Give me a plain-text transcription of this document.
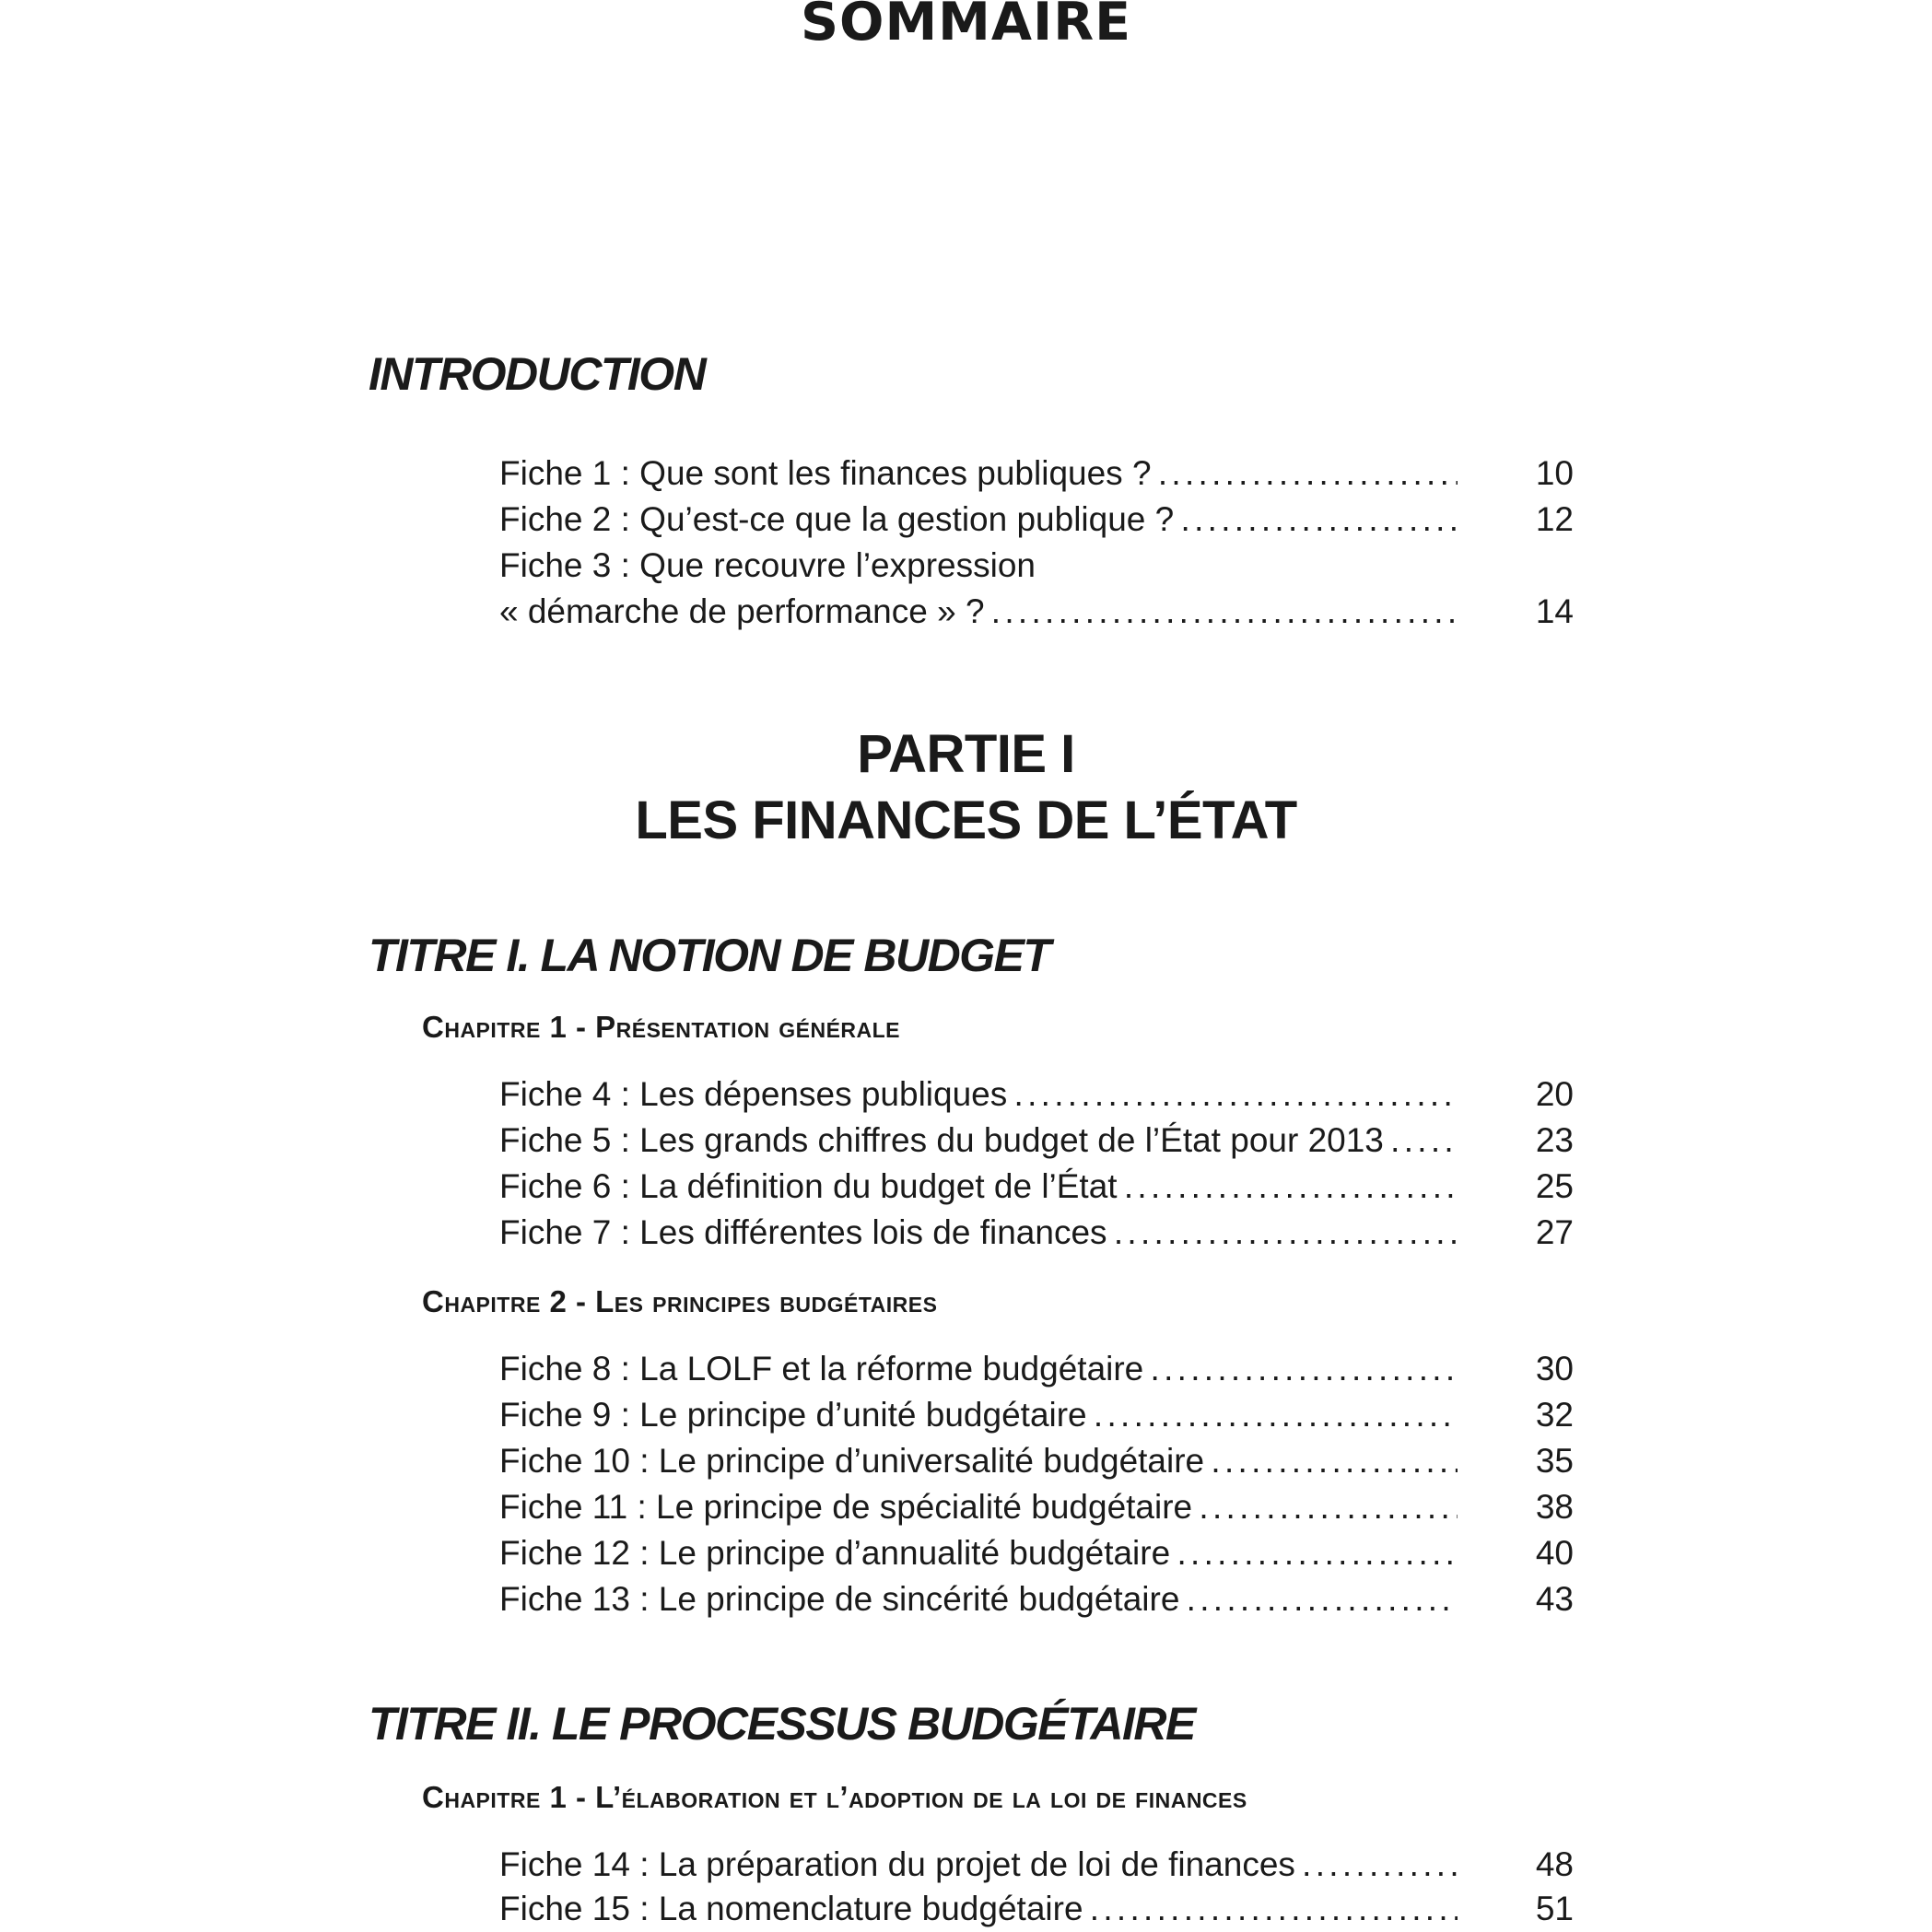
SOMMAIRE
INTRODUCTION
Fiche 1 : Que sont les finances publiques ? . . .	10
Fiche 2 : Qu’est-ce que la gestion publique ? . . .	12
Fiche 3 : Que recouvre l’expression
« démarche de performance » ? . . .	14
PARTIE I
LES FINANCES DE L’ÉTAT
TITRE I. LA NOTION DE BUDGET
Chapitre 1 - Présentation générale
Fiche 4 : Les dépenses publiques . . .	20
Fiche 5 : Les grands chiffres du budget de l’État pour 2013 . . .	23
Fiche 6 : La définition du budget de l’État . . .	25
Fiche 7 : Les différentes lois de finances . . .	27
Chapitre 2 - Les principes budgétaires
Fiche 8 : La LOLF et la réforme budgétaire . . .	30
Fiche 9 : Le principe d’unité budgétaire . . .	32
Fiche 10 : Le principe d’universalité budgétaire . . .	35
Fiche 11 : Le principe de spécialité budgétaire . . .	38
Fiche 12 : Le principe d’annualité budgétaire . . .	40
Fiche 13 : Le principe de sincérité budgétaire . . .	43
TITRE II. LE PROCESSUS BUDGÉTAIRE
Chapitre 1 - L’élaboration et l’adoption de la loi de finances
Fiche 14 : La préparation du projet de loi de finances . . .	48
Fiche 15 : La nomenclature budgétaire . . .	51
